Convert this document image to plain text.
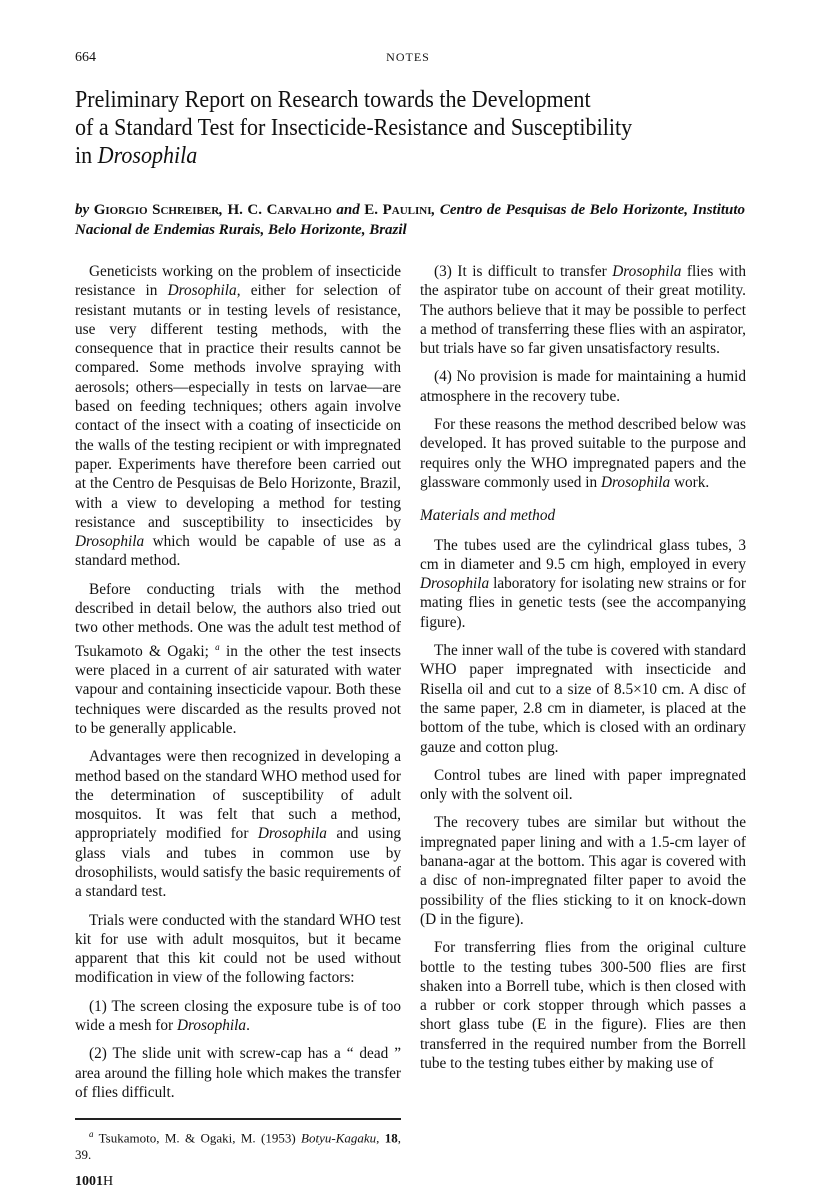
664	NOTES
Preliminary Report on Research towards the Development
of a Standard Test for Insecticide-Resistance and Susceptibility
in Drosophila
by Giorgio Schreiber, H. C. Carvalho and E. Paulini, Centro de Pesquisas de Belo Horizonte, Instituto Nacional de Endemias Rurais, Belo Horizonte, Brazil

Geneticists working on the problem of insecticide resistance in Drosophila, either for selection of resistant mutants or in testing levels of resistance, use very different testing methods, with the consequence that in practice their results cannot be compared. Some methods involve spraying with aerosols; others—especially in tests on larvae—are based on feeding techniques; others again involve contact of the insect with a coating of insecticide on the walls of the testing recipient or with impregnated paper. Experiments have therefore been carried out at the Centro de Pesquisas de Belo Horizonte, Brazil, with a view to developing a method for testing resistance and susceptibility to insecticides by Drosophila which would be capable of use as a standard method.

Before conducting trials with the method described in detail below, the authors also tried out two other methods. One was the adult test method of Tsukamoto & Ogaki; $^a$ in the other the test insects were placed in a current of air saturated with water vapour and containing insecticide vapour. Both these techniques were discarded as the results proved not to be generally applicable.

Advantages were then recognized in developing a method based on the standard WHO method used for the determination of susceptibility of adult mosquitos. It was felt that such a method, appropriately modified for Drosophila and using glass vials and tubes in common use by drosophilists, would satisfy the basic requirements of a standard test.

Trials were conducted with the standard WHO test kit for use with adult mosquitos, but it became apparent that this kit could not be used without modification in view of the following factors:

(1) The screen closing the exposure tube is of too wide a mesh for Drosophila.

(2) The slide unit with screw-cap has a “ dead ” area around the filling hole which makes the transfer of flies difficult.

$^a$ Tsukamoto, M. & Ogaki, M. (1953) Botyu-Kagaku, 18, 39.

1001H

(3) It is difficult to transfer Drosophila flies with the aspirator tube on account of their great motility. The authors believe that it may be possible to perfect a method of transferring these flies with an aspirator, but trials have so far given unsatisfactory results.

(4) No provision is made for maintaining a humid atmosphere in the recovery tube.

For these reasons the method described below was developed. It has proved suitable to the purpose and requires only the WHO impregnated papers and the glassware commonly used in Drosophila work.

Materials and method

The tubes used are the cylindrical glass tubes, 3 cm in diameter and 9.5 cm high, employed in every Drosophila laboratory for isolating new strains or for mating flies in genetic tests (see the accompanying figure).

The inner wall of the tube is covered with standard WHO paper impregnated with insecticide and Risella oil and cut to a size of 8.5×10 cm. A disc of the same paper, 2.8 cm in diameter, is placed at the bottom of the tube, which is closed with an ordinary gauze and cotton plug.

Control tubes are lined with paper impregnated only with the solvent oil.

The recovery tubes are similar but without the impregnated paper lining and with a 1.5-cm layer of banana-agar at the bottom. This agar is covered with a disc of non-impregnated filter paper to avoid the possibility of the flies sticking to it on knock-down (D in the figure).

For transferring flies from the original culture bottle to the testing tubes 300-500 flies are first shaken into a Borrell tube, which is then closed with a rubber or cork stopper through which passes a short glass tube (E in the figure). Flies are then transferred in the required number from the Borrell tube to the testing tubes either by making use of
